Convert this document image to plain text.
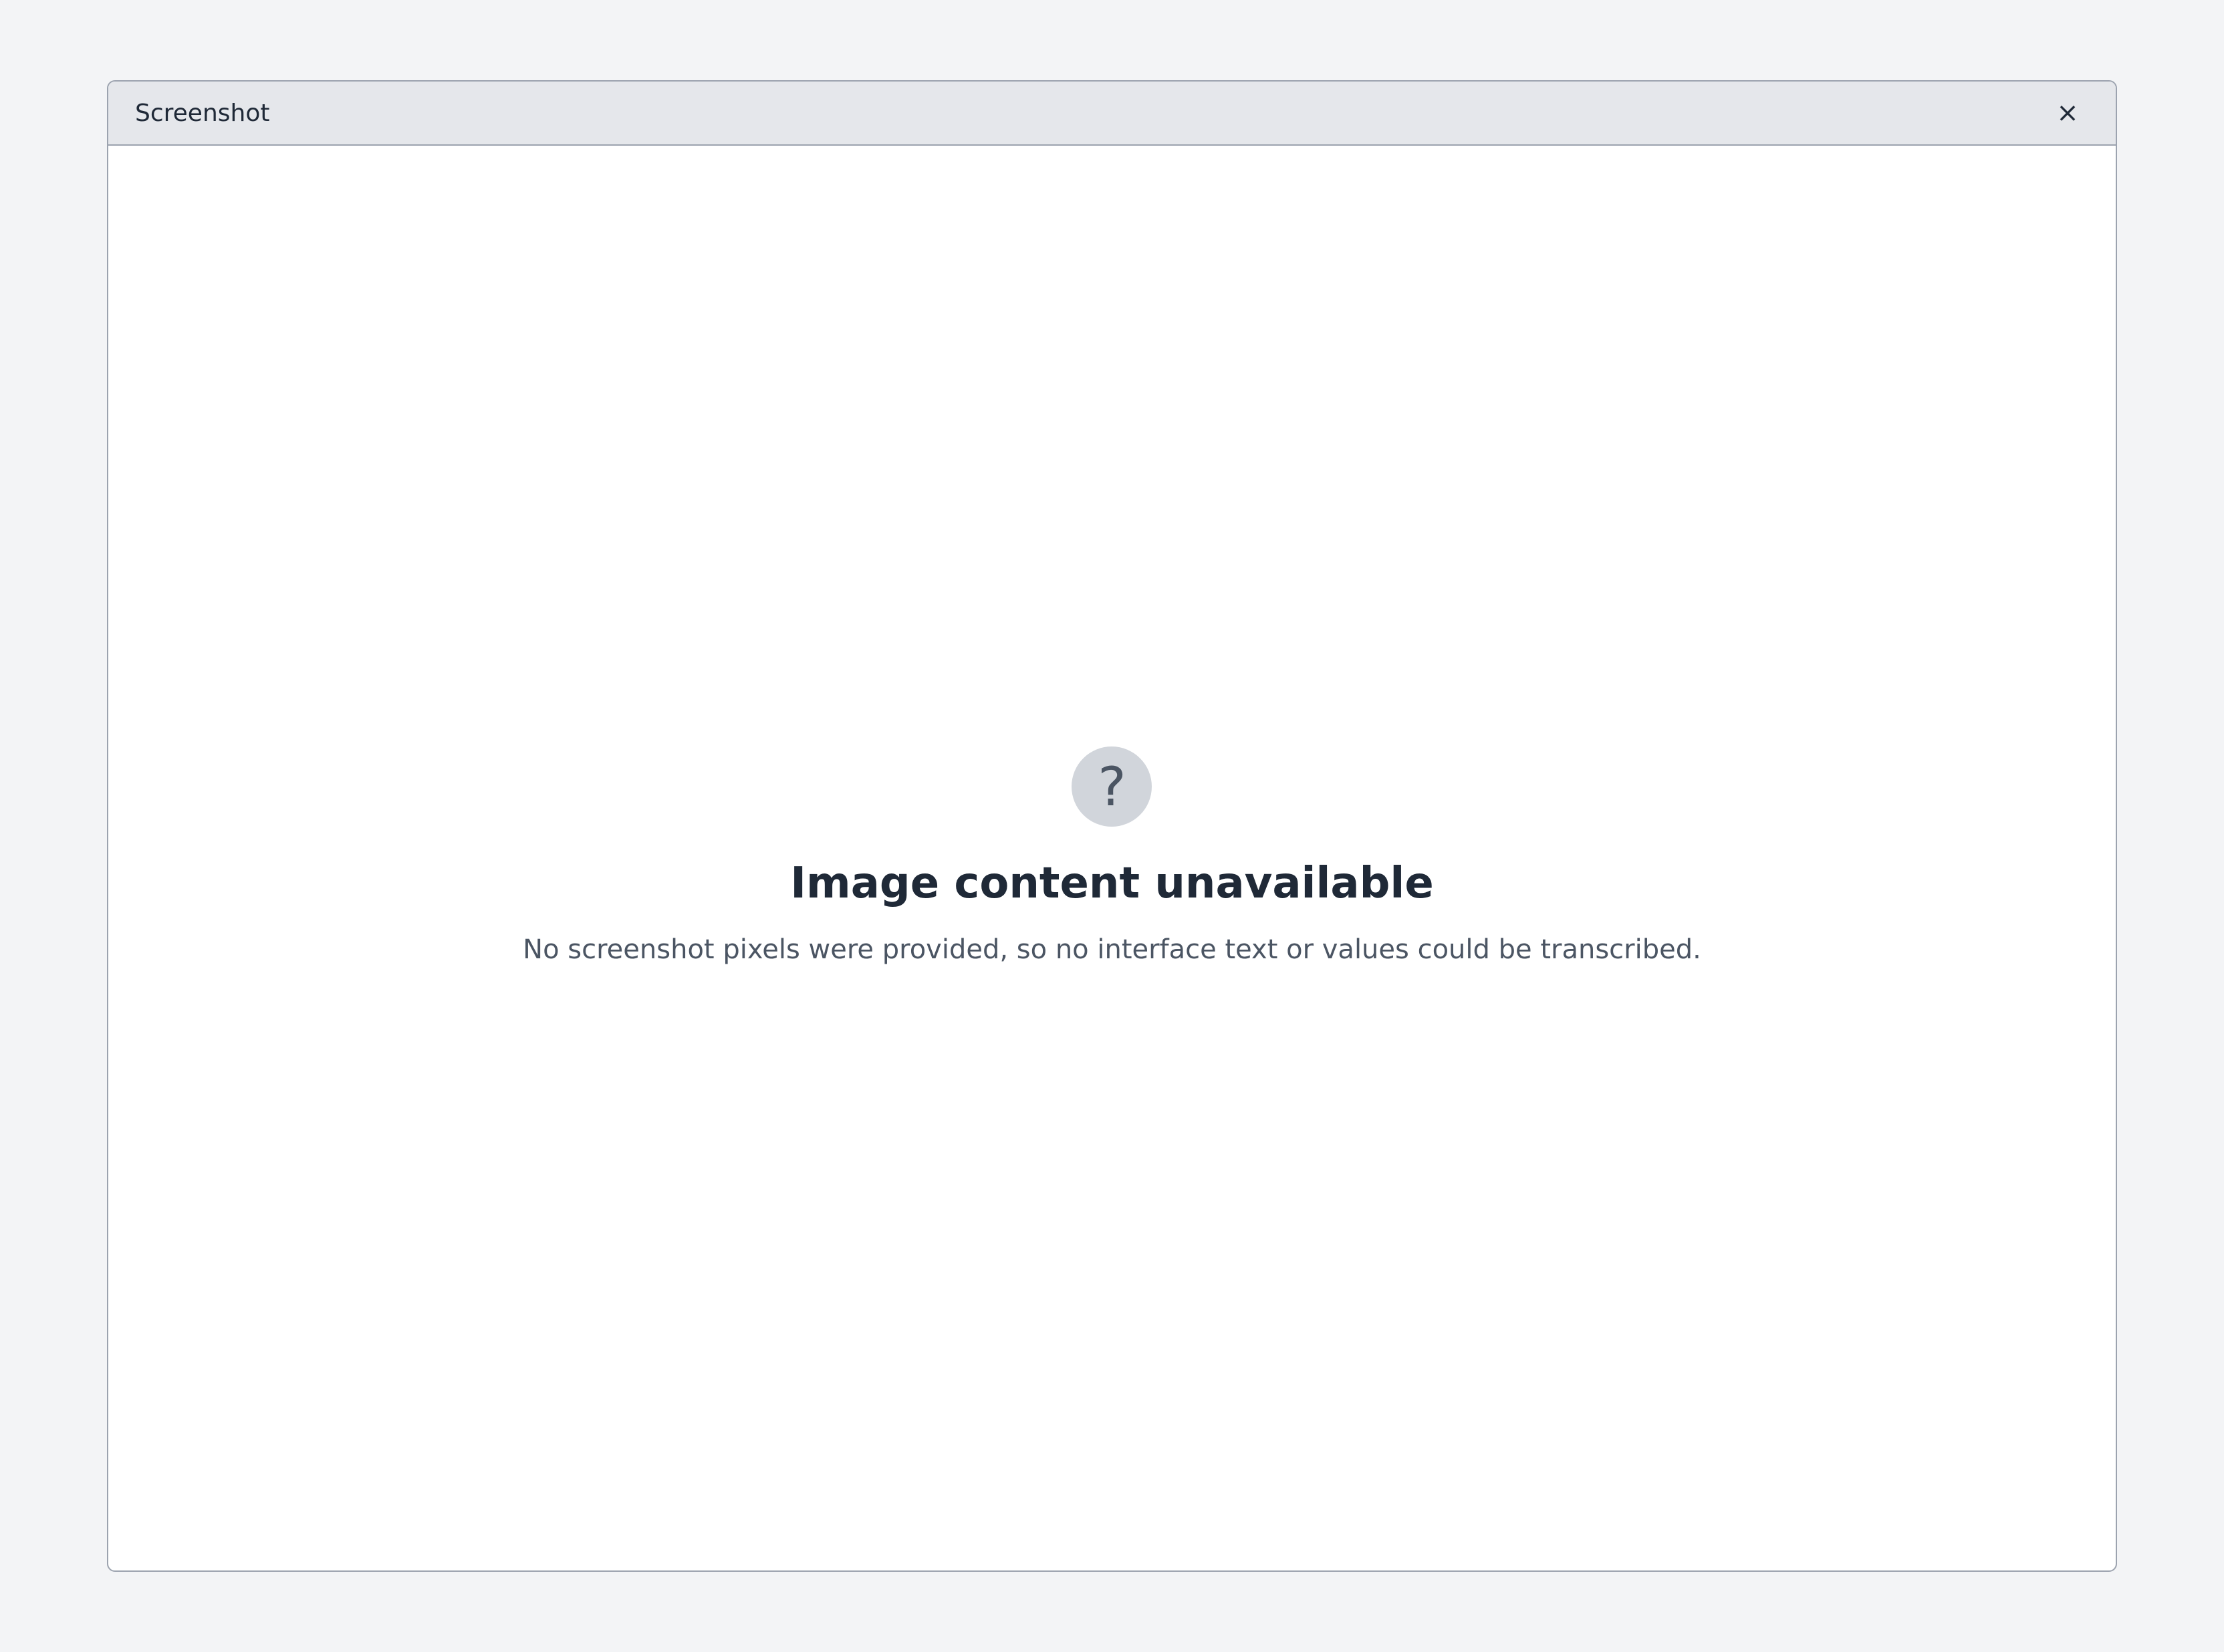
Screenshot	×
?
Image content unavailable
No screenshot pixels were provided, so no interface text or values could be transcribed.
